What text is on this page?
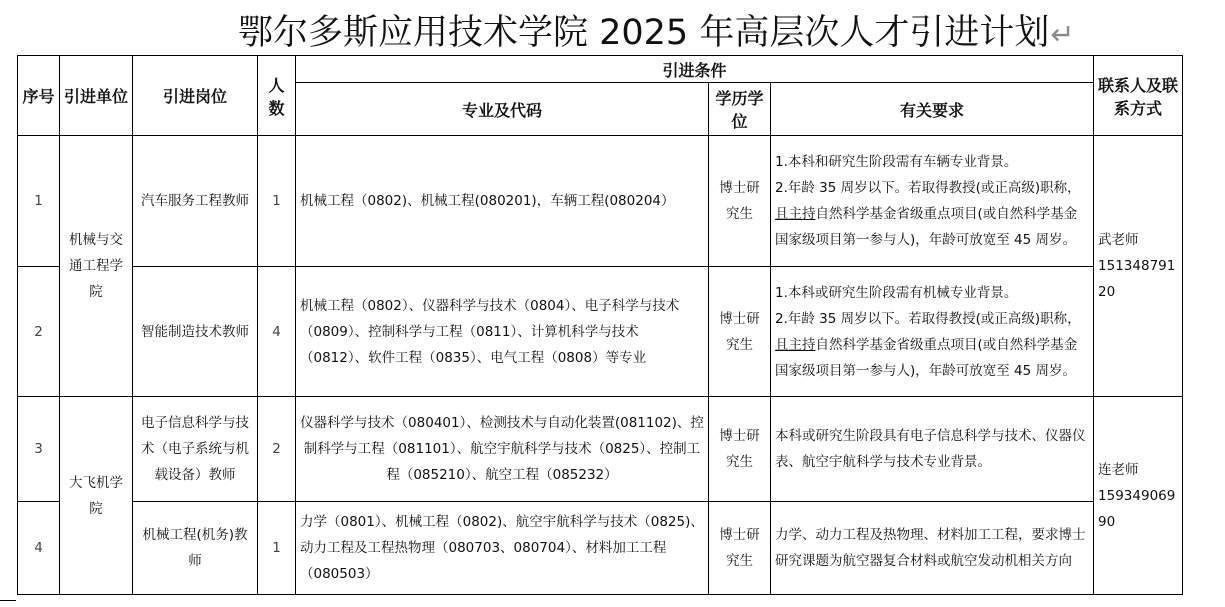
鄂尔多斯应用技术学院 2025 年高层次人才引进计划↵
序号	引进单位	引进岗位	人数	引进条件			联系人及联系方式
				专业及代码	学历学位	有关要求	
1	机械与交通工程学院	汽车服务工程教师	1	机械工程（0802)、机械工程(080201)，车辆工程(080204）	博士研究生	1.本科和研究生阶段需有车辆专业背景。
2.年龄 35 周岁以下。若取得教授(或正高级)职称，且主持自然科学基金省级重点项目(或自然科学基金国家级项目第一参与人)，年龄可放宽至 45 周岁。	武老师
151348791
20

2		智能制造技术教师	4	机械工程（0802）、仪器科学与技术（0804）、电子科学与技术（0809）、控制科学与工程（0811）、计算机科学与技术（0812）、软件工程（0835）、电气工程（0808）等专业	博士研究生	1.本科或研究生阶段需有机械专业背景。
2.年龄 35 周岁以下。若取得教授(或正高级)职称，且主持自然科学基金省级重点项目(或自然科学基金国家级项目第一参与人)，年龄可放宽至 45 周岁。	
3	大飞机学院	电子信息科学与技术（电子系统与机载设备）教师	2	仪器科学与技术（080401）、检测技术与自动化装置(081102)、控制科学与工程（081101）、航空宇航科学与技术（0825）、控制工程（085210）、航空工程（085232）	博士研究生	本科或研究生阶段具有电子信息科学与技术、仪器仪表、航空宇航科学与技术专业背景。	连老师
159349069
90

4		机械工程(机务)教师	1	力学（0801）、机械工程（0802)、航空宇航科学与技术（0825)、动力工程及工程热物理（080703、080704）、材料加工工程（080503）	博士研究生	力学、动力工程及热物理、材料加工工程，要求博士研究课题为航空器复合材料或航空发动机相关方向	
